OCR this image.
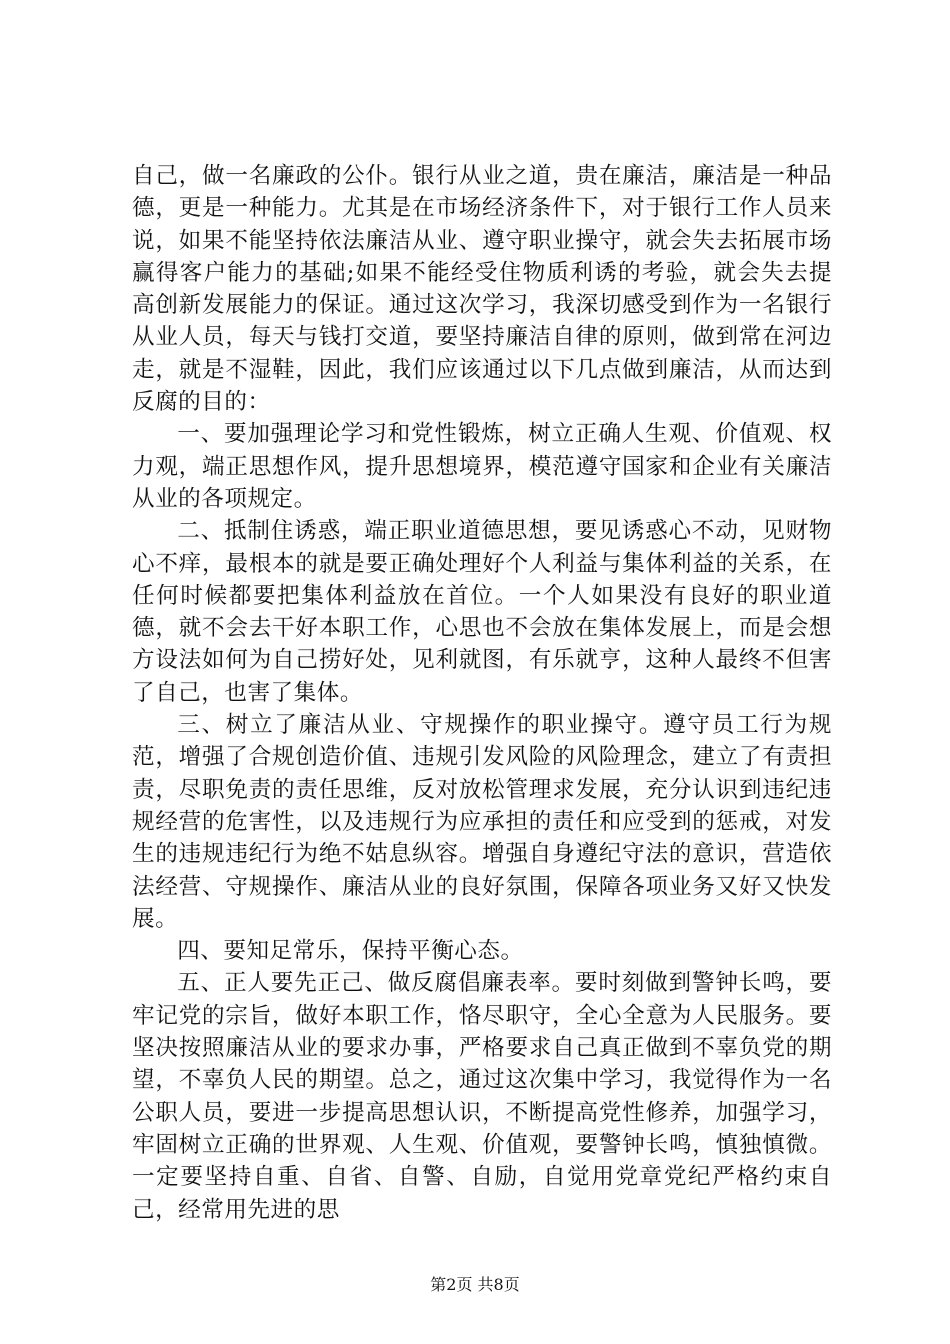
自己，做一名廉政的公仆。银行从业之道，贵在廉洁，廉洁是一种品德，更是一种能力。尤其是在市场经济条件下，对于银行工作人员来说，如果不能坚持依法廉洁从业、遵守职业操守，就会失去拓展市场赢得客户能力的基础;如果不能经受住物质利诱的考验，就会失去提高创新发展能力的保证。通过这次学习，我深切感受到作为一名银行从业人员，每天与钱打交道，要坚持廉洁自律的原则，做到常在河边走，就是不湿鞋，因此，我们应该通过以下几点做到廉洁，从而达到反腐的目的：

一、要加强理论学习和党性锻炼，树立正确人生观、价值观、权力观，端正思想作风，提升思想境界，模范遵守国家和企业有关廉洁从业的各项规定。

二、抵制住诱惑，端正职业道德思想，要见诱惑心不动，见财物心不痒，最根本的就是要正确处理好个人利益与集体利益的关系，在任何时候都要把集体利益放在首位。一个人如果没有良好的职业道德，就不会去干好本职工作，心思也不会放在集体发展上，而是会想方设法如何为自己捞好处，见利就图，有乐就亨，这种人最终不但害了自己，也害了集体。

三、树立了廉洁从业、守规操作的职业操守。遵守员工行为规范，增强了合规创造价值、违规引发风险的风险理念，建立了有责担责，尽职免责的责任思维，反对放松管理求发展，充分认识到违纪违规经营的危害性，以及违规行为应承担的责任和应受到的惩戒，对发生的违规违纪行为绝不姑息纵容。增强自身遵纪守法的意识，营造依法经营、守规操作、廉洁从业的良好氛围，保障各项业务又好又快发展。

四、要知足常乐，保持平衡心态。

五、正人要先正己、做反腐倡廉表率。要时刻做到警钟长鸣，要牢记党的宗旨，做好本职工作，恪尽职守，全心全意为人民服务。要坚决按照廉洁从业的要求办事，严格要求自己真正做到不辜负党的期望，不辜负人民的期望。总之，通过这次集中学习，我觉得作为一名公职人员，要进一步提高思想认识，不断提高党性修养，加强学习，牢固树立正确的世界观、人生观、价值观，要警钟长鸣，慎独慎微。一定要坚持自重、自省、自警、自励，自觉用党章党纪严格约束自己，经常用先进的思

第2页 共8页
